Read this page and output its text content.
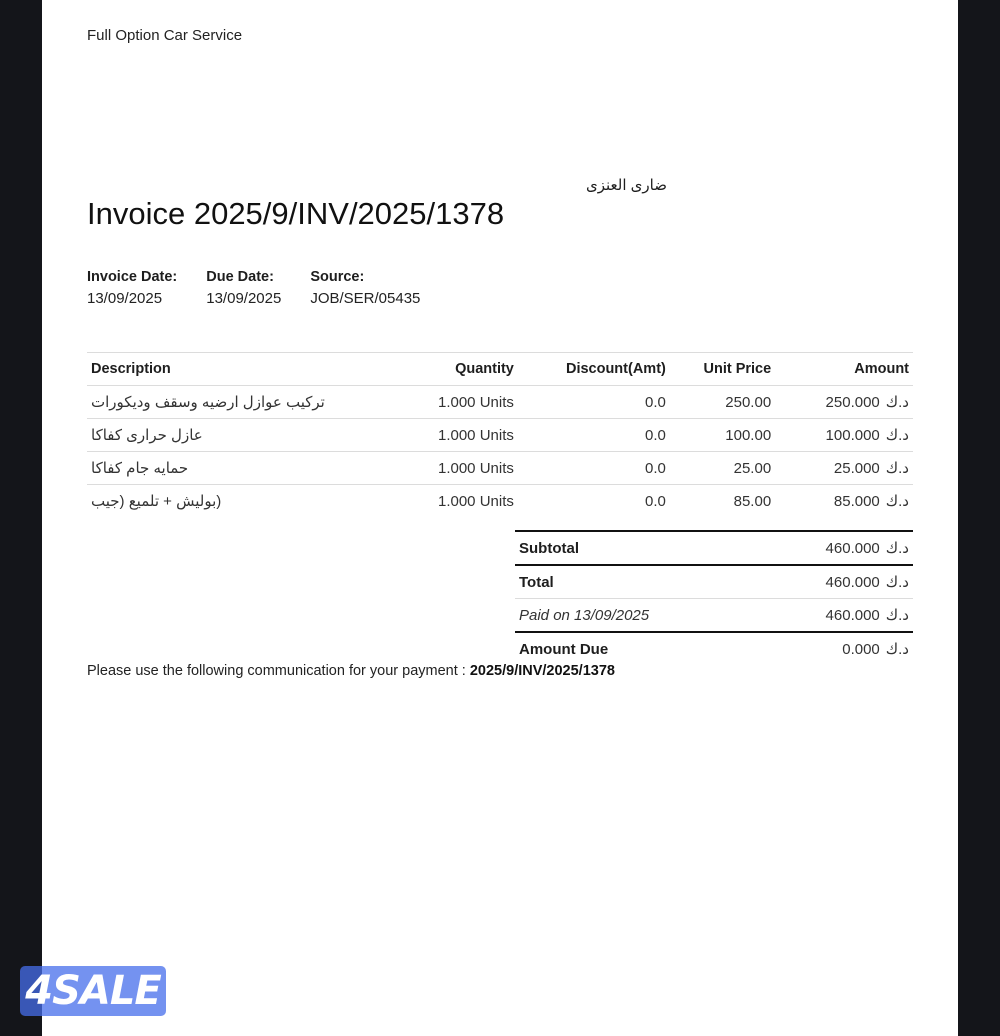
Full Option Car Service
ضارى العنزى
Invoice 2025/9/INV/2025/1378
Invoice Date:
13/09/2025
Due Date:
13/09/2025
Source:
JOB/SER/05435
Description	Quantity	Discount(Amt)	Unit Price	Amount
تركيب عوازل ارضيه وسقف وديكورات	1.000 Units	0.0	250.00	250.000 د.ك
عازل حرارى كفاكا	1.000 Units	0.0	100.00	100.000 د.ك
حمايه جام كفاكا	1.000 Units	0.0	25.00	25.000 د.ك
(بوليش + تلميع (جيب	1.000 Units	0.0	85.00	85.000 د.ك
Subtotal	460.000 د.ك
Total	460.000 د.ك
Paid on 13/09/2025	460.000 د.ك
Amount Due	0.000 د.ك
Please use the following communication for your payment : 2025/9/INV/2025/1378
4SALE
